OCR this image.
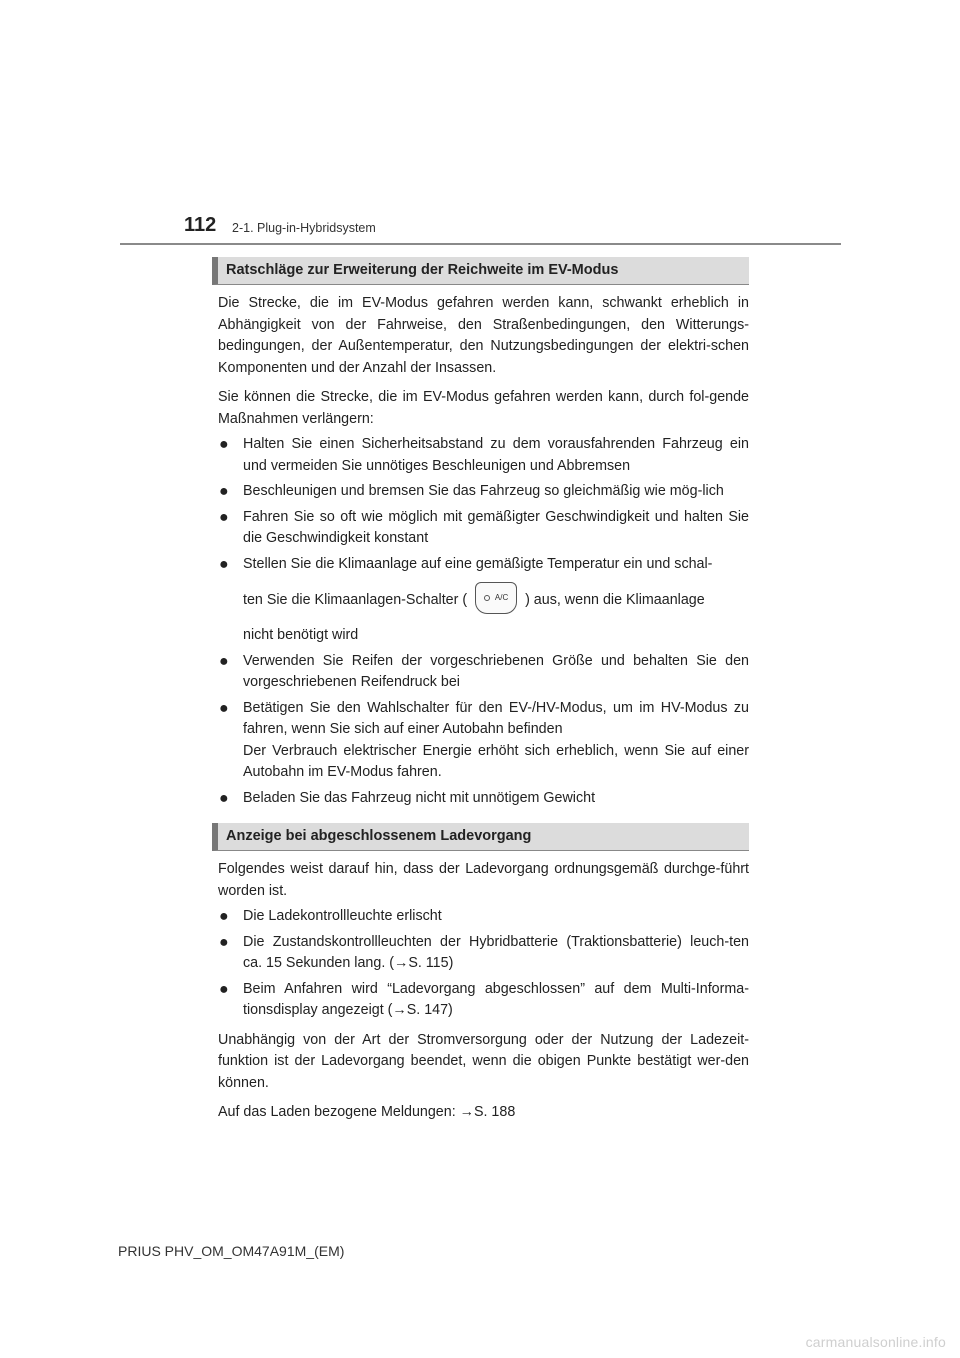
112 2-1. Plug-in-Hybridsystem
Ratschläge zur Erweiterung der Reichweite im EV-Modus

Die Strecke, die im EV-Modus gefahren werden kann, schwankt erheblich in Abhängigkeit von der Fahrweise, den Straßenbedingungen, den Witterungs-bedingungen, der Außentemperatur, den Nutzungsbedingungen der elektri-schen Komponenten und der Anzahl der Insassen.

Sie können die Strecke, die im EV-Modus gefahren werden kann, durch fol-gende Maßnahmen verlängern:

● Halten Sie einen Sicherheitsabstand zu dem vorausfahrenden Fahrzeug ein und vermeiden Sie unnötiges Beschleunigen und Abbremsen
● Beschleunigen und bremsen Sie das Fahrzeug so gleichmäßig wie mög-lich
● Fahren Sie so oft wie möglich mit gemäßigter Geschwindigkeit und halten Sie die Geschwindigkeit konstant
● Stellen Sie die Klimaanlage auf eine gemäßigte Temperatur ein und schal-
ten Sie die Klimaanlagen-Schalter (	A/C ) aus, wenn die Klimaanlage
nicht benötigt wird
● Verwenden Sie Reifen der vorgeschriebenen Größe und behalten Sie den vorgeschriebenen Reifendruck bei
● Betätigen Sie den Wahlschalter für den EV-/HV-Modus, um im HV-Modus zu fahren, wenn Sie sich auf einer Autobahn befinden
Der Verbrauch elektrischer Energie erhöht sich erheblich, wenn Sie auf einer Autobahn im EV-Modus fahren.
● Beladen Sie das Fahrzeug nicht mit unnötigem Gewicht
Anzeige bei abgeschlossenem Ladevorgang

Folgendes weist darauf hin, dass der Ladevorgang ordnungsgemäß durchge-führt worden ist.

● Die Ladekontrollleuchte erlischt
● Die Zustandskontrollleuchten der Hybridbatterie (Traktionsbatterie) leuch-ten ca. 15 Sekunden lang. (→S. 115)
● Beim Anfahren wird “Ladevorgang abgeschlossen” auf dem Multi-Informa-tionsdisplay angezeigt (→S. 147)

Unabhängig von der Art der Stromversorgung oder der Nutzung der Ladezeit-funktion ist der Ladevorgang beendet, wenn die obigen Punkte bestätigt wer-den können.

Auf das Laden bezogene Meldungen: →S. 188

PRIUS PHV_OM_OM47A91M_(EM)
carmanualsonline.info
